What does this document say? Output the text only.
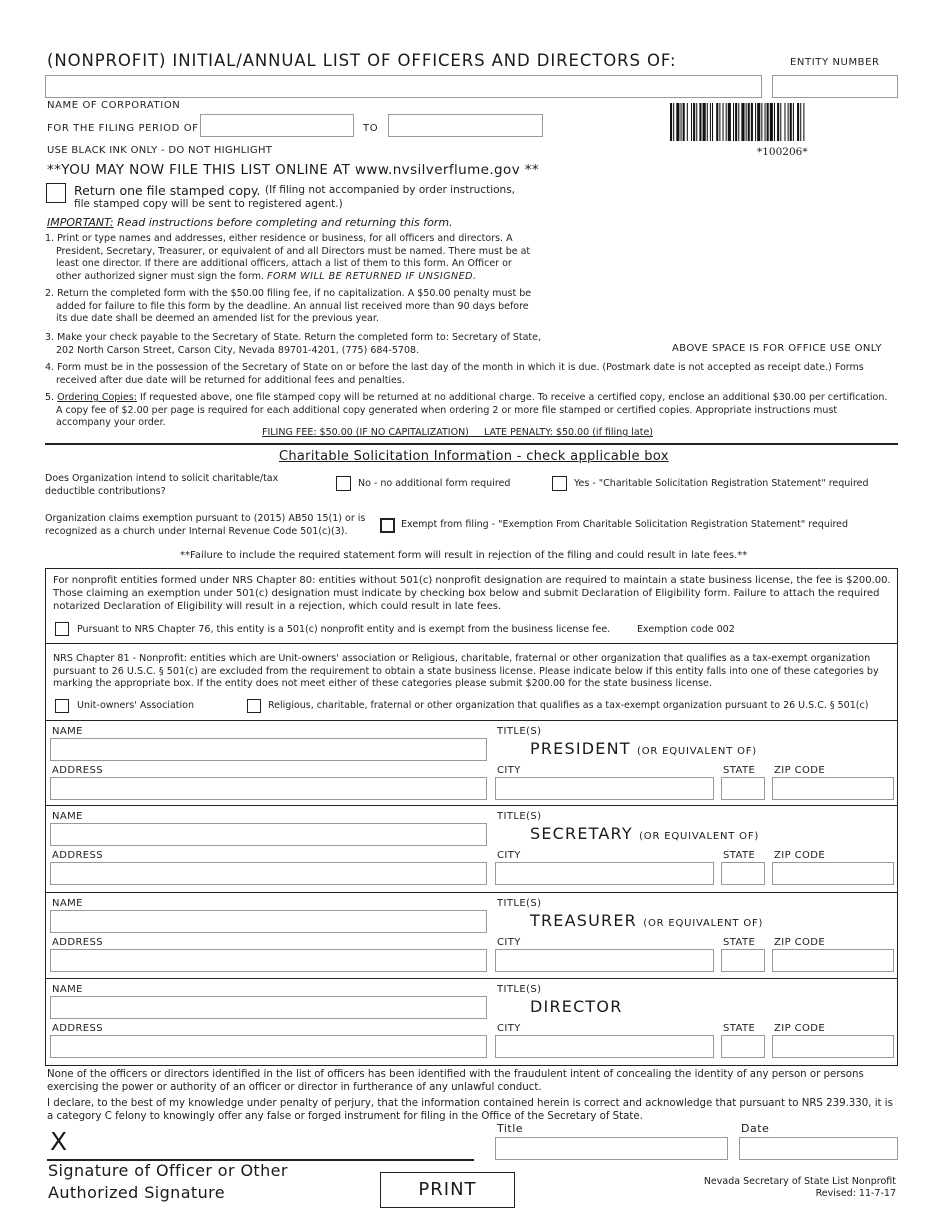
(NONPROFIT) INITIAL/ANNUAL LIST OF OFFICERS AND DIRECTORS OF:	ENTITY NUMBER
NAME OF CORPORATION
FOR THE FILING PERIOD OF	TO
*100206*
USE BLACK INK ONLY - DO NOT HIGHLIGHT
**YOU MAY NOW FILE THIS LIST ONLINE AT www.nvsilverflume.gov **
Return one file stamped copy. (If filing not accompanied by order instructions,
file stamped copy will be sent to registered agent.)
IMPORTANT: Read instructions before completing and returning this form.
1. Print or type names and addresses, either residence or business, for all officers and directors. A
President, Secretary, Treasurer, or equivalent of and all Directors must be named. There must be at
least one director. If there are additional officers, attach a list of them to this form. An Officer or
other authorized signer must sign the form. FORM WILL BE RETURNED IF UNSIGNED.
2. Return the completed form with the $50.00 filing fee, if no capitalization. A $50.00 penalty must be
added for failure to file this form by the deadline. An annual list received more than 90 days before
its due date shall be deemed an amended list for the previous year.
3. Make your check payable to the Secretary of State. Return the completed form to: Secretary of State,
202 North Carson Street, Carson City, Nevada 89701-4201, (775) 684-5708.	ABOVE SPACE IS FOR OFFICE USE ONLY
4. Form must be in the possession of the Secretary of State on or before the last day of the month in which it is due. (Postmark date is not accepted as receipt date.) Forms
received after due date will be returned for additional fees and penalties.
5. Ordering Copies: If requested above, one file stamped copy will be returned at no additional charge. To receive a certified copy, enclose an additional $30.00 per certification.
A copy fee of $2.00 per page is required for each additional copy generated when ordering 2 or more file stamped or certified copies. Appropriate instructions must
accompany your order.
FILING FEE: $50.00 (IF NO CAPITALIZATION)     LATE PENALTY: $50.00 (if filing late)
Charitable Solicitation Information - check applicable box
Does Organization intend to solicit charitable/tax
deductible contributions?
No - no additional form required	Yes - "Charitable Solicitation Registration Statement" required
Organization claims exemption pursuant to (2015) AB50 15(1) or is
recognized as a church under Internal Revenue Code 501(c)(3).
Exempt from filing - "Exemption From Charitable Solicitation Registration Statement" required
**Failure to include the required statement form will result in rejection of the filing and could result in late fees.**
For nonprofit entities formed under NRS Chapter 80: entities without 501(c) nonprofit designation are required to maintain a state business license, the fee is $200.00.
Those claiming an exemption under 501(c) designation must indicate by checking box below and submit Declaration of Eligibility form. Failure to attach the required
notarized Declaration of Eligibility will result in a rejection, which could result in late fees.
Pursuant to NRS Chapter 76, this entity is a 501(c) nonprofit entity and is exempt from the business license fee.	Exemption code 002
NRS Chapter 81 - Nonprofit: entities which are Unit-owners' association or Religious, charitable, fraternal or other organization that qualifies as a tax-exempt organization
pursuant to 26 U.S.C. § 501(c) are excluded from the requirement to obtain a state business license. Please indicate below if this entity falls into one of these categories by
marking the appropriate box. If the entity does not meet either of these categories please submit $200.00 for the state business license.
Unit-owners' Association	Religious, charitable, fraternal or other organization that qualifies as a tax-exempt organization pursuant to 26 U.S.C. § 501(c)
NAME	TITLE(S)
PRESIDENT (OR EQUIVALENT OF)
ADDRESS	CITY	STATE ZIP CODE
NAME	TITLE(S)
SECRETARY (OR EQUIVALENT OF)
ADDRESS	CITY	STATE ZIP CODE
NAME	TITLE(S)
TREASURER (OR EQUIVALENT OF)
ADDRESS	CITY	STATE ZIP CODE
NAME	TITLE(S)
DIRECTOR
ADDRESS	CITY	STATE ZIP CODE
None of the officers or directors identified in the list of officers has been identified with the fraudulent intent of concealing the identity of any person or persons
exercising the power or authority of an officer or director in furtherance of any unlawful conduct.
I declare, to the best of my knowledge under penalty of perjury, that the information contained herein is correct and acknowledge that pursuant to NRS 239.330, it is
a category C felony to knowingly offer any false or forged instrument for filing in the Office of the Secretary of State.
X
Signature of Officer or Other
Authorized Signature
Title	Date
PRINT	Nevada Secretary of State List Nonprofit
Revised: 11-7-17
